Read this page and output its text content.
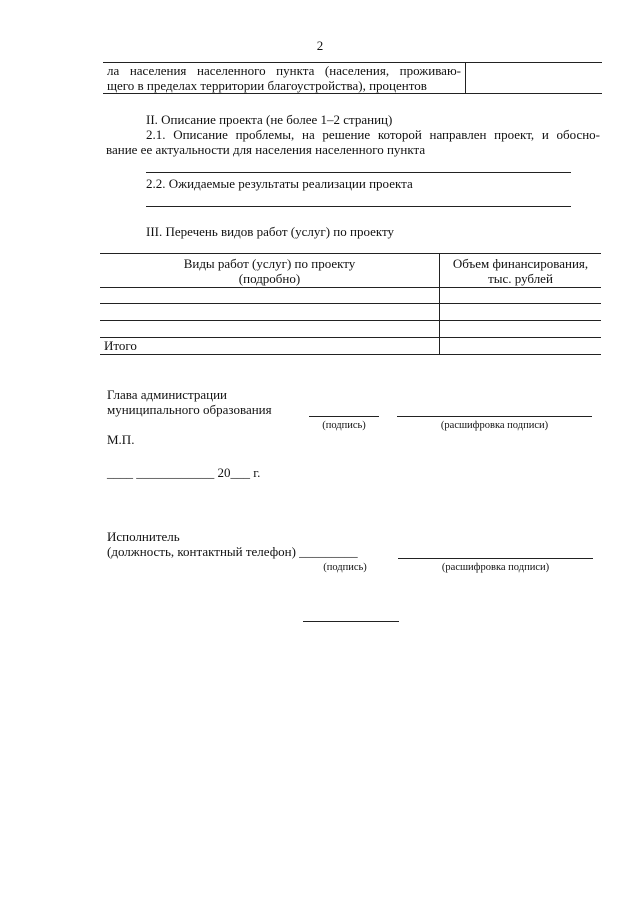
2
ла населения населенного пункта (населения, проживаю-
щего в пределах территории благоустройства), процентов
II. Описание проекта (не более 1–2 страниц)
2.1. Описание проблемы, на решение которой направлен проект, и обосно-
вание ее актуальности для населения населенного пункта
2.2. Ожидаемые результаты реализации проекта
III. Перечень видов работ (услуг) по проекту
Виды работ (услуг) по проекту
(подробно)
Объем финансирования,
тыс. рублей
Итого
Глава администрации
муниципального образования
(подпись)	(расшифровка подписи)
М.П.
____ ____________ 20___ г.
Исполнитель
(должность, контактный телефон) _________
(подпись)	(расшифровка подписи)
